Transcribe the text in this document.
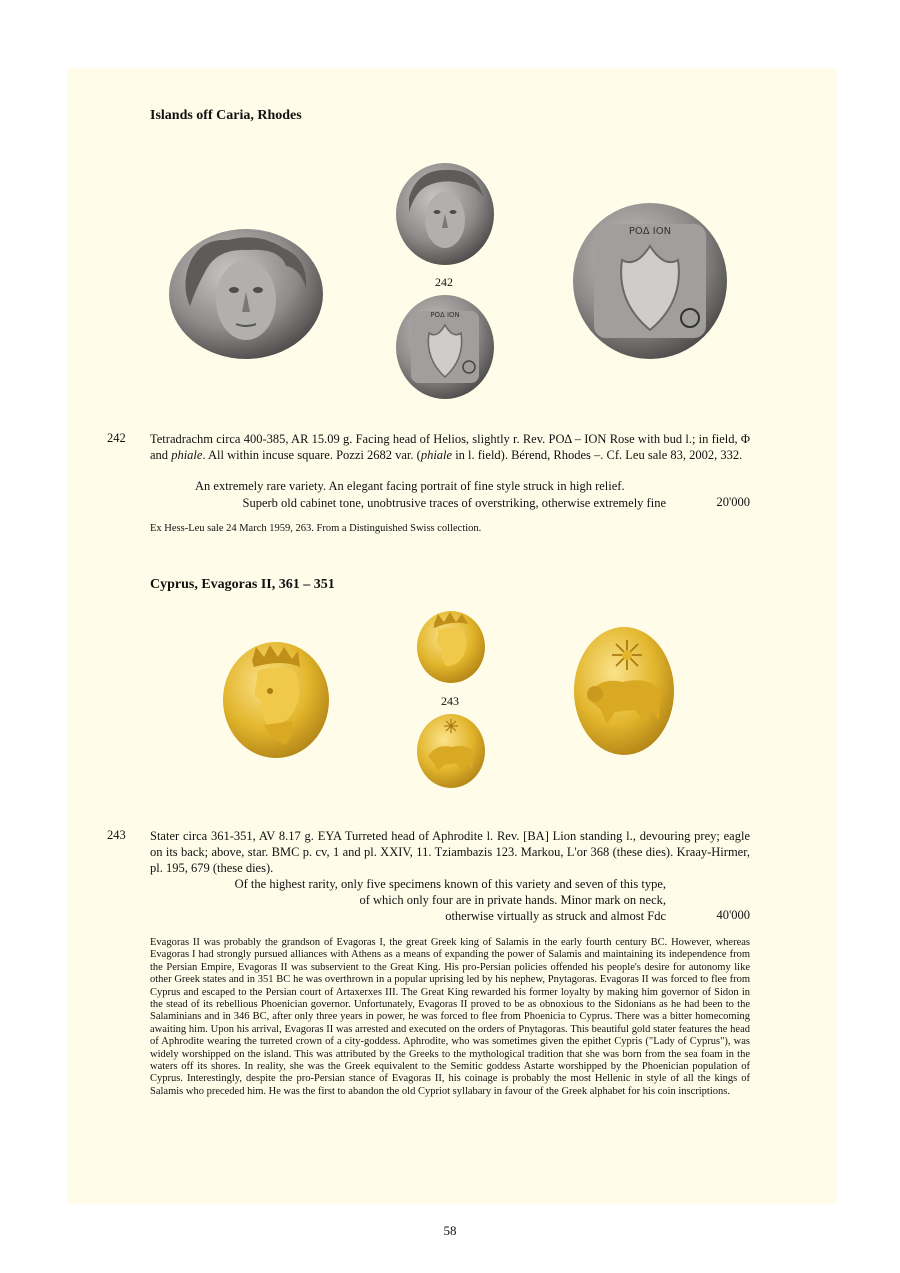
Islands off Caria, Rhodes
242
ΡΟΔ ΙΟΝ
ΡΟΔ ΙΟΝ
242 Tetradrachm circa 400-385, AR 15.09 g. Facing head of Helios, slightly r. Rev. ΡΟΔ – ΙΟΝ Rose with bud l.; in field, Φ and phiale. All within incuse square. Pozzi 2682 var. (phiale in l. field). Bérend, Rhodes –. Cf. Leu sale 83, 2002, 332.
An extremely rare variety. An elegant facing portrait of fine style struck in high relief.
Superb old cabinet tone, unobtrusive traces of overstriking, otherwise extremely fine	20'000
Ex Hess-Leu sale 24 March 1959, 263. From a Distinguished Swiss collection.
Cyprus, Evagoras II, 361 – 351
243
243 Stater circa 361-351, AV 8.17 g. EYA Turreted head of Aphrodite l. Rev. [BA] Lion standing l., devouring prey; eagle on its back; above, star. BMC p. cv, 1 and pl. XXIV, 11. Tziambazis 123. Markou, L'or 368 (these dies). Kraay-Hirmer, pl. 195, 679 (these dies).
Of the highest rarity, only five specimens known of this variety and seven of this type,
of which only four are in private hands. Minor mark on neck,
otherwise virtually as struck and almost Fdc	40'000
Evagoras II was probably the grandson of Evagoras I, the great Greek king of Salamis in the early fourth century BC. However, whereas Evagoras I had strongly pursued alliances with Athens as a means of expanding the power of Salamis and maintaining its independence from the Persian Empire, Evagoras II was subservient to the Great King. His pro-Persian policies offended his people's desire for autonomy like other Greek states and in 351 BC he was overthrown in a popular uprising led by his nephew, Pnytagoras. Evagoras II was forced to flee from Cyprus and escaped to the Persian court of Artaxerxes III. The Great King rewarded his former loyalty by making him governor of Sidon in the stead of its rebellious Phoenician governor. Unfortunately, Evagoras II proved to be as obnoxious to the Sidonians as he had been to the Salaminians and in 346 BC, after only three years in power, he was forced to flee from Phoenicia to Cyprus. There was a bitter homecoming awaiting him. Upon his arrival, Evagoras II was arrested and executed on the orders of Pnytagoras. This beautiful gold stater features the head of Aphrodite wearing the turreted crown of a city-goddess. Aphrodite, who was sometimes given the epithet Cypris ("Lady of Cyprus"), was widely worshipped on the island. This was attributed by the Greeks to the mythological tradition that she was born from the sea foam in the waters off its shores. In reality, she was the Greek equivalent to the Semitic goddess Astarte worshipped by the Phoenician population of Cyprus. Interestingly, despite the pro-Persian stance of Evagoras II, his coinage is probably the most Hellenic in style of all the kings of Salamis who preceded him. He was the first to abandon the old Cypriot syllabary in favour of the Greek alphabet for his coin inscriptions.
58
